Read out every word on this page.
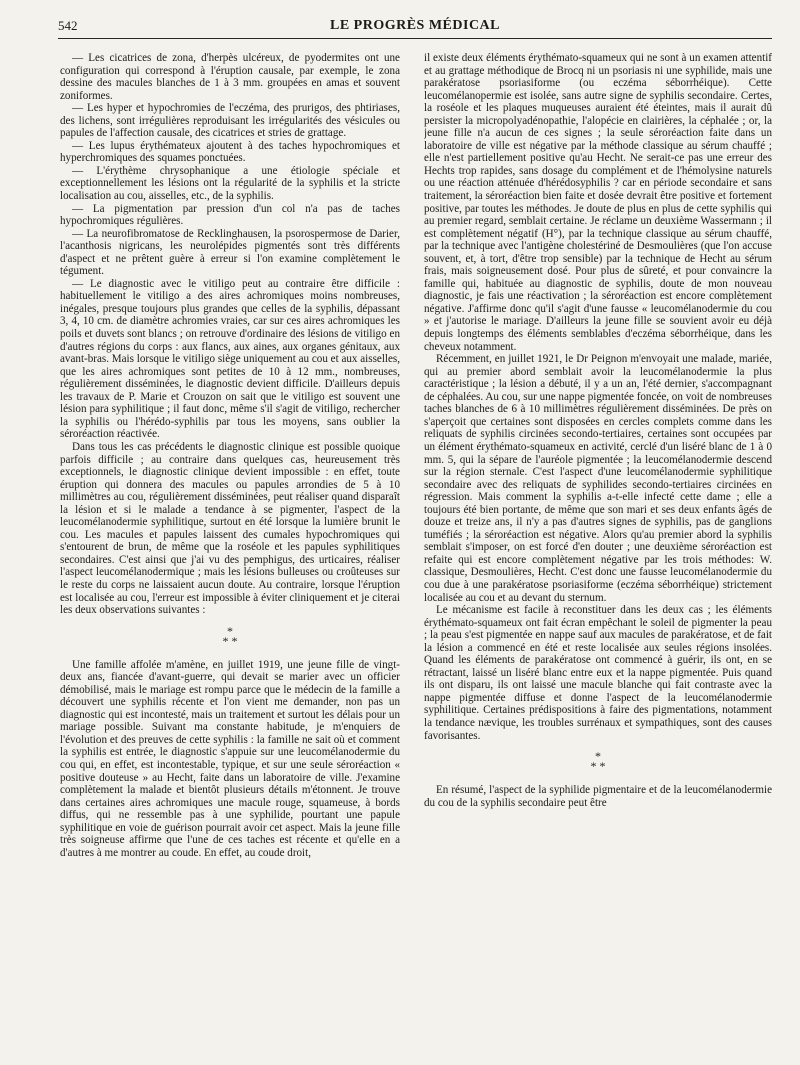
542	LE PROGRÈS MÉDICAL

— Les cicatrices de zona, d'herpès ulcéreux, de pyodermites ont une configuration qui correspond à l'éruption causale, par exemple, le zona dessine des macules blanches de 1 à 3 mm. groupées en amas et souvent zoniformes.

— Les hyper et hypochromies de l'eczéma, des prurigos, des phtiriases, des lichens, sont irrégulières reproduisant les irrégularités des vésicules ou papules de l'affection causale, des cicatrices et stries de grattage.

— Les lupus érythémateux ajoutent à des taches hypochromiques et hyperchromiques des squames ponctuées.

— L'érythème chrysophanique a une étiologie spéciale et exceptionnellement les lésions ont la régularité de la syphilis et la stricte localisation au cou, aisselles, etc., de la syphilis.

— La pigmentation par pression d'un col n'a pas de taches hypochromiques régulières.

— La neurofibromatose de Recklinghausen, la psorospermose de Darier, l'acanthosis nigricans, les neurolépides pigmentés sont très différents d'aspect et ne prêtent guère à erreur si l'on examine complètement le tégument.

— Le diagnostic avec le vitiligo peut au contraire être difficile : habituellement le vitiligo a des aires achromiques moins nombreuses, inégales, presque toujours plus grandes que celles de la syphilis, dépassant 3, 4, 10 cm. de diamètre achromies vraies, car sur ces aires achromiques les poils et duvets sont blancs ; on retrouve d'ordinaire des lésions de vitiligo en d'autres régions du corps : aux flancs, aux aines, aux organes génitaux, aux avant-bras. Mais lorsque le vitiligo siège uniquement au cou et aux aisselles, que les aires achromiques sont petites de 10 à 12 mm., nombreuses, régulièrement disséminées, le diagnostic devient difficile. D'ailleurs depuis les travaux de P. Marie et Crouzon on sait que le vitiligo est souvent une lésion para syphilitique ; il faut donc, même s'il s'agit de vitiligo, rechercher la syphilis ou l'hérédo-syphilis par tous les moyens, sans oublier la séroréaction réactivée.

Dans tous les cas précédents le diagnostic clinique est possible quoique parfois difficile ; au contraire dans quelques cas, heureusement très exceptionnels, le diagnostic clinique devient impossible : en effet, toute éruption qui donnera des macules ou papules arrondies de 5 à 10 millimètres au cou, régulièrement disséminées, peut réaliser quand disparaît la lésion et si le malade a tendance à se pigmenter, l'aspect de la leucomélanodermie syphilitique, surtout en été lorsque la lumière brunit le cou. Les macules et papules laissent des cumales hypochromiques qui s'entourent de brun, de même que la roséole et les papules syphilitiques secondaires. C'est ainsi que j'ai vu des pemphigus, des urticaires, réaliser l'aspect leucomélanodermique ; mais les lésions bulleuses ou croûteuses sur le reste du corps ne laissaient aucun doute. Au contraire, lorsque l'éruption est localisée au cou, l'erreur est impossible à éviter cliniquement et je citerai les deux observations suivantes :

*
* *

Une famille affolée m'amène, en juillet 1919, une jeune fille de vingt-deux ans, fiancée d'avant-guerre, qui devait se marier avec un officier démobilisé, mais le mariage est rompu parce que le médecin de la famille a découvert une syphilis récente et l'on vient me demander, non pas un diagnostic qui est incontesté, mais un traitement et surtout les délais pour un mariage possible. Suivant ma constante habitude, je m'enquiers de l'évolution et des preuves de cette syphilis : la famille ne sait où et comment la syphilis est entrée, le diagnostic s'appuie sur une leucomélanodermie du cou qui, en effet, est incontestable, typique, et sur une seule séroréaction « positive douteuse » au Hecht, faite dans un laboratoire de ville. J'examine complètement la malade et bientôt plusieurs détails m'étonnent. Je trouve dans certaines aires achromiques une macule rouge, squameuse, à bords diffus, qui ne ressemble pas à une syphilide, pourtant une papule syphilitique en voie de guérison pourrait avoir cet aspect. Mais la jeune fille très soigneuse affirme que l'une de ces taches est récente et qu'elle en a d'autres à me montrer au coude. En effet, au coude droit,

il existe deux éléments érythémato-squameux qui ne sont à un examen attentif et au grattage méthodique de Brocq ni un psoriasis ni une syphilide, mais une parakératose psoriasiforme (ou eczéma séborrhéique). Cette leucomélanopermie est isolée, sans autre signe de syphilis secondaire. Certes, la roséole et les plaques muqueuses auraient été éteintes, mais il aurait dû persister la micropolyadénopathie, l'alopécie en clairières, la céphalée ; or, la jeune fille n'a aucun de ces signes ; la seule séroréaction faite dans un laboratoire de ville est négative par la méthode classique au sérum chauffé ; elle n'est partiellement positive qu'au Hecht. Ne serait-ce pas une erreur des Hechts trop rapides, sans dosage du complément et de l'hémolysine naturels ou une réaction atténuée d'hérédosyphilis ? car en période secondaire et sans traitement, la séroréaction bien faite et dosée devrait être positive et fortement positive, par toutes les méthodes. Je doute de plus en plus de cette syphilis qui au premier regard, semblait certaine. Je réclame un deuxième Wassermann ; il est complètement négatif (H°), par la technique classique au sérum chauffé, par la technique avec l'antigène cholestériné de Desmoulières (que l'on accuse souvent, et, à tort, d'être trop sensible) par la technique de Hecht au sérum frais, mais soigneusement dosé. Pour plus de sûreté, et pour convaincre la famille qui, habituée au diagnostic de syphilis, doute de mon nouveau diagnostic, je fais une réactivation ; la séroréaction est encore complètement négative. J'affirme donc qu'il s'agit d'une fausse « leucomélanodermie du cou » et j'autorise le mariage. D'ailleurs la jeune fille se souvient avoir eu déjà depuis longtemps des éléments semblables d'eczéma séborrhéique, dans les cheveux notamment.

Récemment, en juillet 1921, le Dr Peignon m'envoyait une malade, mariée, qui au premier abord semblait avoir la leucomélanodermie la plus caractéristique ; la lésion a débuté, il y a un an, l'été dernier, s'accompagnant de céphalées. Au cou, sur une nappe pigmentée foncée, on voit de nombreuses taches blanches de 6 à 10 millimètres régulièrement disséminées. De près on s'aperçoit que certaines sont disposées en cercles complets comme dans les reliquats de syphilis circinées secondo-tertiaires, certaines sont occupées par un élément érythémato-squameux en activité, cerclé d'un liséré blanc de 1 à 0 mm. 5, qui la sépare de l'auréole pigmentée ; la leucomélanodermie descend sur la région sternale. C'est l'aspect d'une leucomélanodermie syphilitique secondaire avec des reliquats de syphilides secondo-tertiaires circinées en régression. Mais comment la syphilis a-t-elle infecté cette dame ; elle a toujours été bien portante, de même que son mari et ses deux enfants âgés de douze et treize ans, il n'y a pas d'autres signes de syphilis, pas de ganglions tuméfiés ; la séroréaction est négative. Alors qu'au premier abord la syphilis semblait s'imposer, on est forcé d'en douter ; une deuxième séroréaction est refaite qui est encore complètement négative par les trois méthodes: W. classique, Desmoulières, Hecht. C'est donc une fausse leucomélanodermie du cou due à une parakératose psoriasiforme (eczéma séborrhéique) strictement localisée au cou et au devant du sternum.

Le mécanisme est facile à reconstituer dans les deux cas ; les éléments érythémato-squameux ont fait écran empêchant le soleil de pigmenter la peau ; la peau s'est pigmentée en nappe sauf aux macules de parakératose, et de fait la lésion a commencé en été et reste localisée aux seules régions insolées. Quand les éléments de parakératose ont commencé à guérir, ils ont, en se rétractant, laissé un liséré blanc entre eux et la nappe pigmentée. Puis quand ils ont disparu, ils ont laissé une macule blanche qui fait contraste avec la nappe pigmentée diffuse et donne l'aspect de la leucomélanodermie syphilitique. Certaines prédispositions à faire des pigmentations, notamment la tendance nævique, les troubles surrénaux et sympathiques, sont des causes favorisantes.

*
* *

En résumé, l'aspect de la syphilide pigmentaire et de la leucomélanodermie du cou de la syphilis secondaire peut être
